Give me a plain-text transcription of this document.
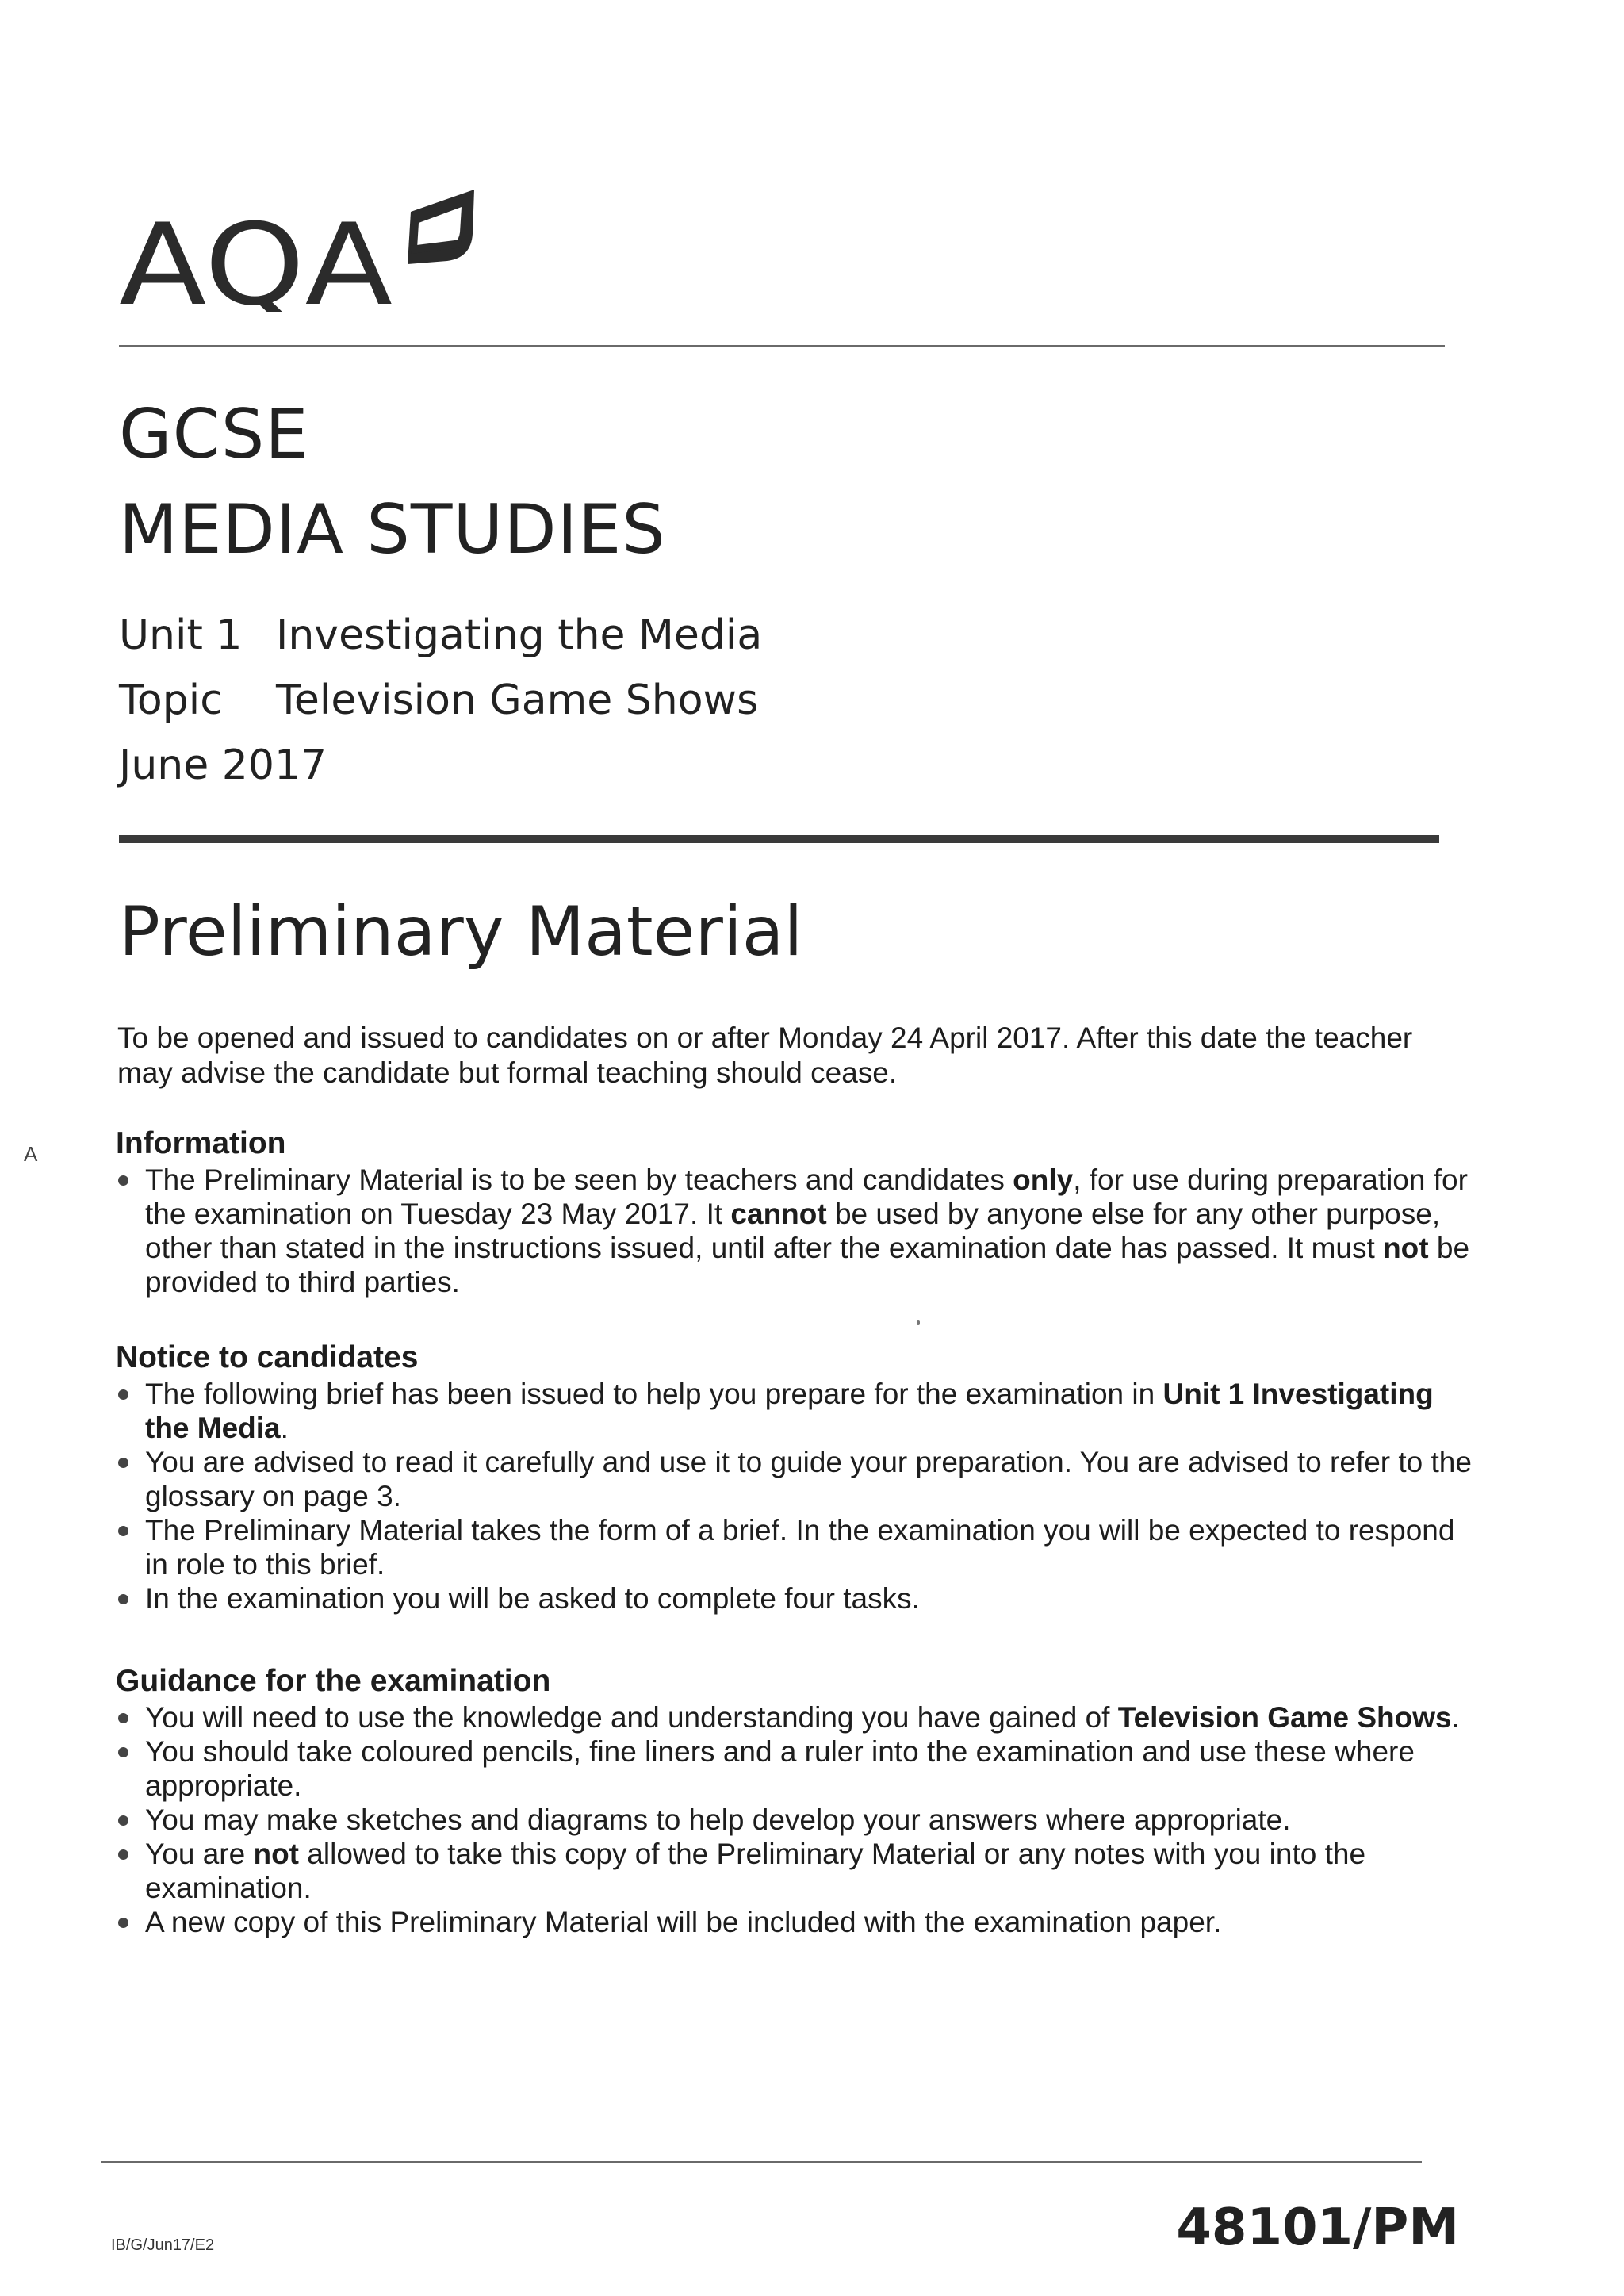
AQA
GCSE
MEDIA STUDIES
Unit 1 Investigating the Media
Topic	Television Game Shows
June 2017
Preliminary Material
To be opened and issued to candidates on or after Monday 24 April 2017. After this date the teacher may advise the candidate but formal teaching should cease.
A	Information
The Preliminary Material is to be seen by teachers and candidates only, for use during preparation for the examination on Tuesday 23 May 2017. It cannot be used by anyone else for any other purpose, other than stated in the instructions issued, until after the examination date has passed. It must not be provided to third parties.
Notice to candidates
The following brief has been issued to help you prepare for the examination in Unit 1 Investigating the Media.
You are advised to read it carefully and use it to guide your preparation. You are advised to refer to the glossary on page 3.
The Preliminary Material takes the form of a brief. In the examination you will be expected to respond in role to this brief.
In the examination you will be asked to complete four tasks.
Guidance for the examination
You will need to use the knowledge and understanding you have gained of Television Game Shows.
You should take coloured pencils, fine liners and a ruler into the examination and use these where appropriate.
You may make sketches and diagrams to help develop your answers where appropriate.
You are not allowed to take this copy of the Preliminary Material or any notes with you into the examination.
A new copy of this Preliminary Material will be included with the examination paper.
IB/G/Jun17/E2	48101/PM
